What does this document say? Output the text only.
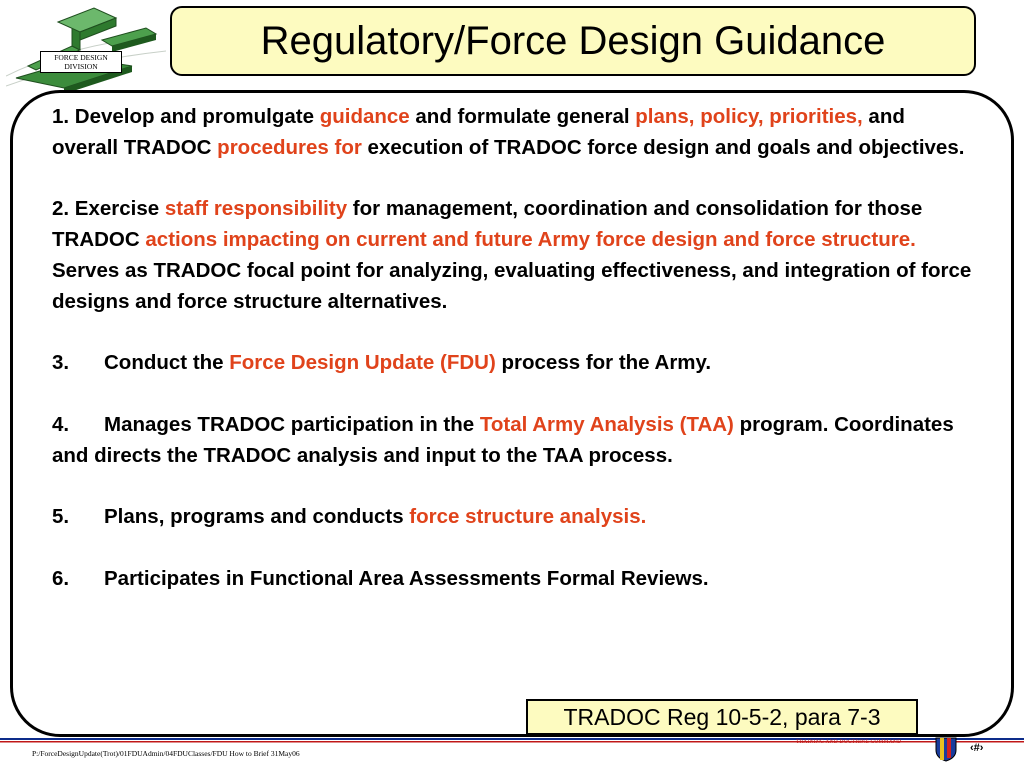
FORCE DESIGN DIVISION
Regulatory/Force Design Guidance

1. Develop and promulgate guidance and formulate general plans, policy, priorities, and overall TRADOC procedures for execution of TRADOC force design and goals and objectives.

2. Exercise staff responsibility for management, coordination and consolidation for those TRADOC actions impacting on current and future Army force design and force structure. Serves as TRADOC focal point for analyzing, evaluating effectiveness, and integration of force designs and force structure alternatives.

3. Conduct the Force Design Update (FDU) process for the Army.

4. Manages TRADOC participation in the Total Army Analysis (TAA) program. Coordinates and directs the TRADOC analysis and input to the TAA process.

5. Plans, programs and conducts force structure analysis.

6. Participates in Functional Area Assessments Formal Reviews.

TRADOC Reg 10-5-2, para 7-3
P:/ForceDesignUpdate(Trot)/01FDUAdmin/04FDUClasses/FDU How to Brief 31May06
TRAINING AND DOCTRINE COMMAND	‹#›
